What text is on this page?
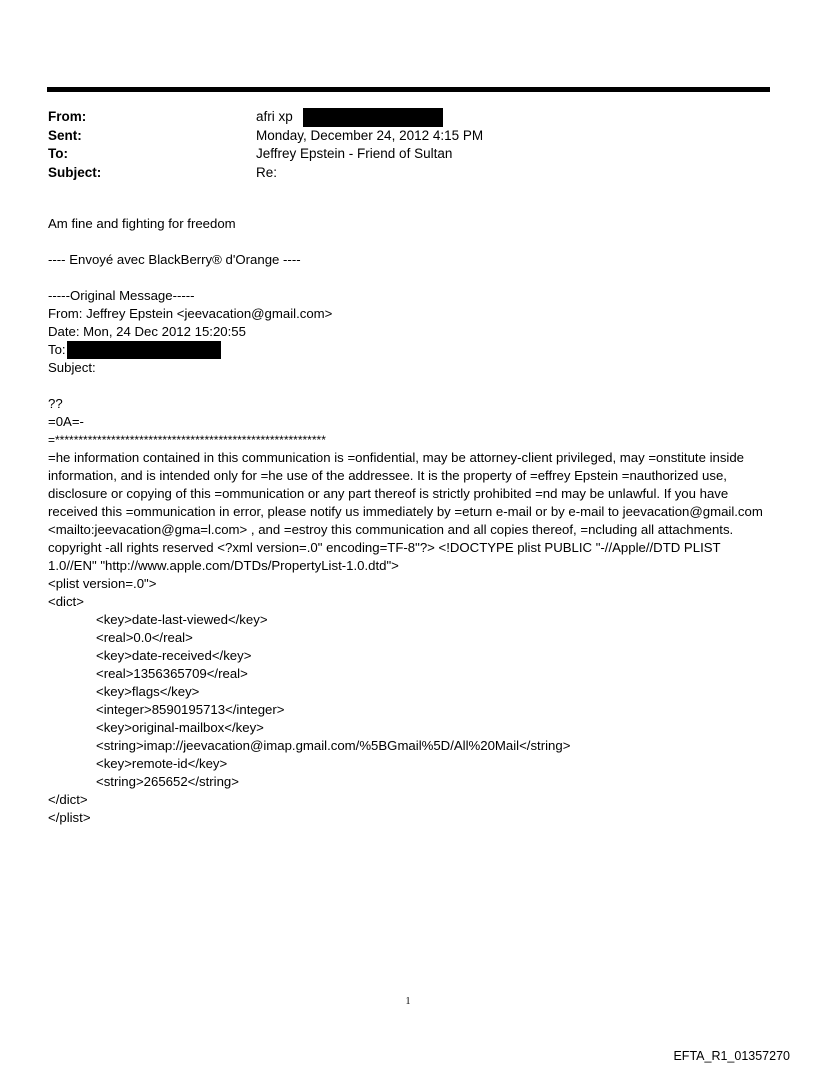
From:	afri xp
Sent:	Monday, December 24, 2012 4:15 PM
To:	Jeffrey Epstein - Friend of Sultan
Subject:	Re:
Am fine and fighting for freedom
---- Envoyé avec BlackBerry® d'Orange ----
-----Original Message-----
From: Jeffrey Epstein <jeevacation@gmail.com>
Date: Mon, 24 Dec 2012 15:20:55
To:
Subject:
??
=0A=-
=**********************************************************
=he information contained in this communication is =onfidential, may be attorney-client privileged, may =onstitute inside information, and is intended only for =he use of the addressee. It is the property of =effrey Epstein =nauthorized use, disclosure or copying of this =ommunication or any part thereof is strictly prohibited =nd may be unlawful. If you have received this =ommunication in error, please notify us immediately by =eturn e-mail or by e-mail to jeevacation@gmail.com <mailto:jeevacation@gma=l.com> , and =estroy this communication and all copies thereof, =ncluding all attachments. copyright -all rights reserved <?xml version=.0" encoding=TF-8"?> <!DOCTYPE plist PUBLIC "-//Apple//DTD PLIST 1.0//EN" "http://www.apple.com/DTDs/PropertyList-1.0.dtd">
<plist version=.0">
<dict>
<key>date-last-viewed</key>
<real>0.0</real>
<key>date-received</key>
<real>1356365709</real>
<key>flags</key>
<integer>8590195713</integer>
<key>original-mailbox</key>
<string>imap://jeevacation@imap.gmail.com/%5BGmail%5D/All%20Mail</string>
<key>remote-id</key>
<string>265652</string>
</dict>
</plist>
1
EFTA_R1_01357270
